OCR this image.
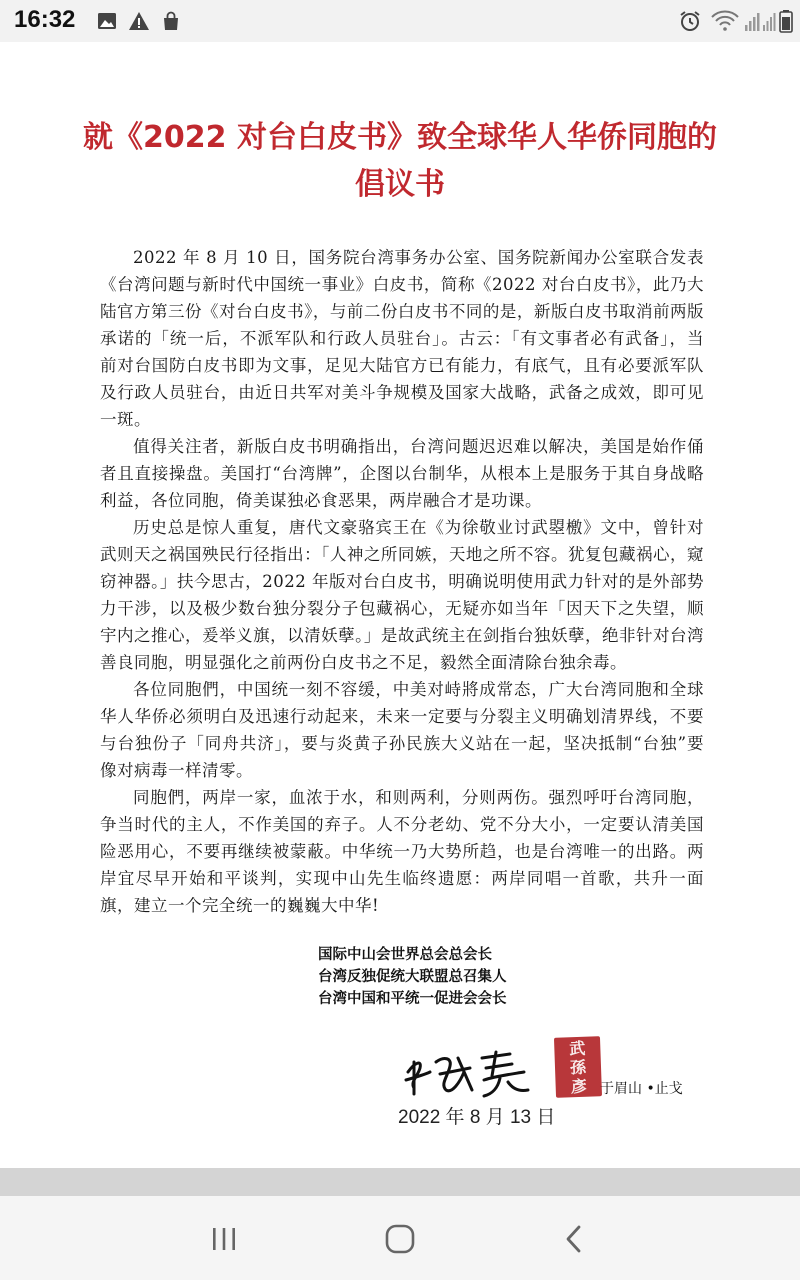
16:32
就《2022 对台白皮书》致全球华人华侨同胞的
倡议书

2022 年 8 月 10 日，国务院台湾事务办公室、国务院新闻办公室联合发表《台湾问题与新时代中国统一事业》白皮书，简称《2022 对台白皮书》，此乃大陆官方第三份《对台白皮书》，与前二份白皮书不同的是，新版白皮书取消前两版承诺的「统一后，不派军队和行政人员驻台」。古云：「有文事者必有武备」，当前对台国防白皮书即为文事，足见大陆官方已有能力，有底气，且有必要派军队及行政人员驻台，由近日共军对美斗争规模及国家大战略，武备之成效，即可见一斑。

值得关注者，新版白皮书明确指出，台湾问题迟迟难以解决，美国是始作俑者且直接操盘。美国打“台湾牌”，企图以台制华，从根本上是服务于其自身战略利益，各位同胞，倚美谋独必食恶果，两岸融合才是功课。

历史总是惊人重复，唐代文豪骆宾王在《为徐敬业讨武曌檄》文中，曾针对武则天之祸国殃民行径指出：「人神之所同嫉，天地之所不容。犹复包藏祸心，窥窃神器。」扶今思古，2022 年版对台白皮书，明确说明使用武力针对的是外部势力干涉，以及极少数台独分裂分子包藏祸心，无疑亦如当年「因天下之失望，顺宇内之推心，爰举义旗，以清妖孽。」是故武统主在剑指台独妖孽，绝非针对台湾善良同胞，明显强化之前两份白皮书之不足，毅然全面清除台独余毒。

各位同胞們，中国统一刻不容缓，中美对峙將成常态，广大台湾同胞和全球华人华侨必须明白及迅速行动起来，未来一定要与分裂主义明确划清界线，不要与台独份子「同舟共济」，要与炎黄子孙民族大义站在一起，坚决抵制“台独”要像对病毒一样清零。

同胞們，两岸一家，血浓于水，和则两利，分则两伤。强烈呼吁台湾同胞，争当时代的主人，不作美国的弃子。人不分老幼、党不分大小，一定要认清美国险恶用心，不要再继续被蒙蔽。中华统一乃大势所趋，也是台湾唯一的出路。两岸宜尽早开始和平谈判，实现中山先生临终遗愿：两岸同唱一首歌，共升一面旗，建立一个完全统一的巍巍大中华!

国际中山会世界总会总会长
台湾反独促统大联盟总召集人
台湾中国和平统一促进会会长
武
孫
彥 于眉山 •止戈
2022 年 8 月 13 日
